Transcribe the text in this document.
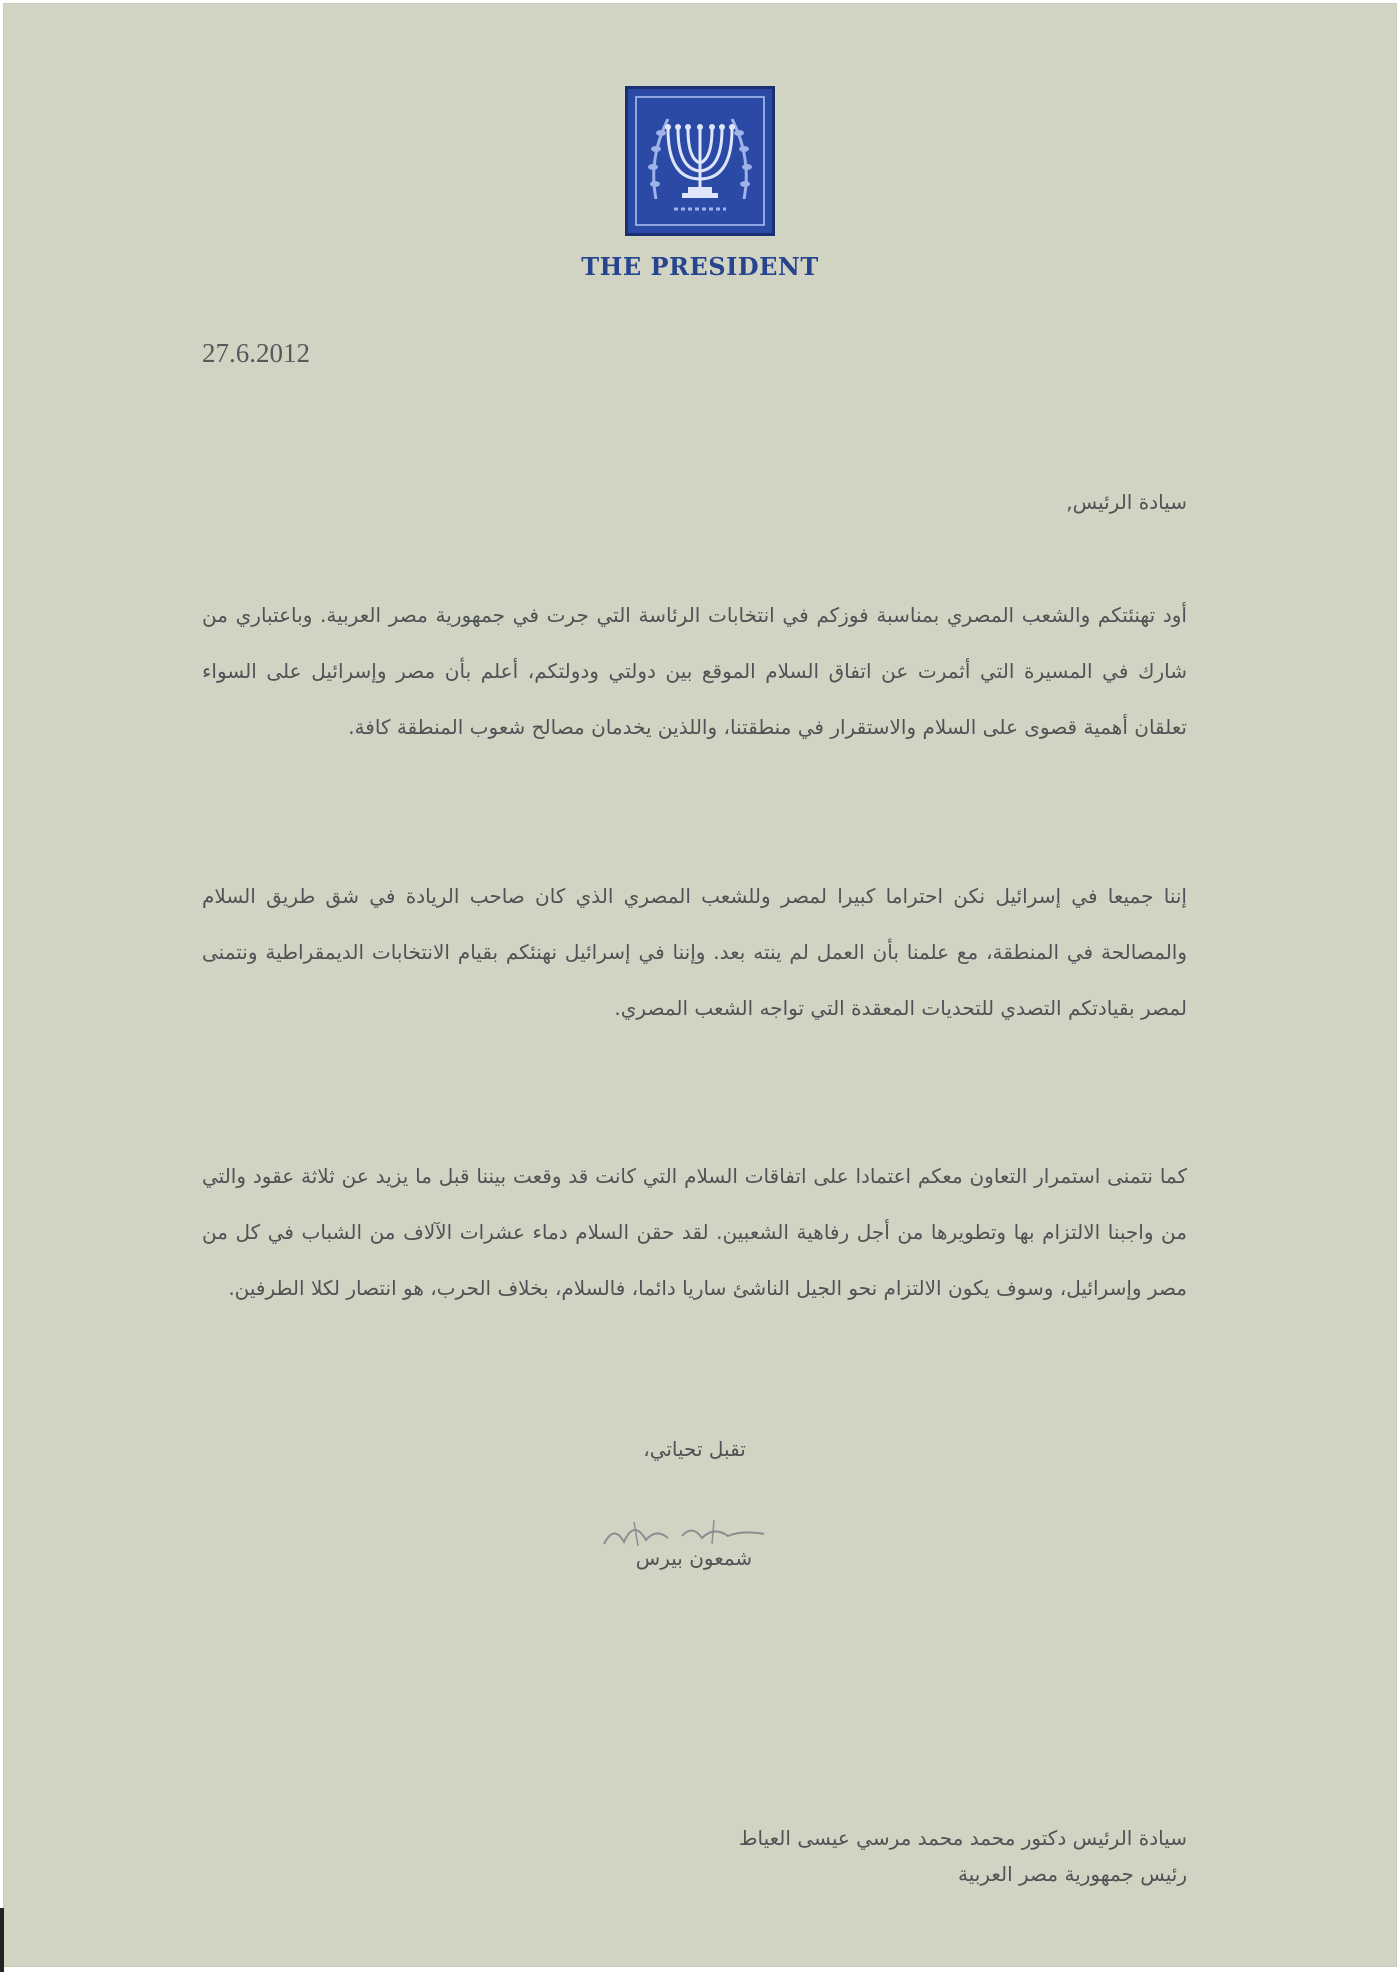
THE PRESIDENT
27.6.2012
سيادة الرئيس,

أود تهنئتكم والشعب المصري بمناسبة فوزكم في انتخابات الرئاسة التي جرت في جمهورية مصر العربية. وباعتباري من شارك في المسيرة التي أثمرت عن اتفاق السلام الموقع بين دولتي ودولتكم، أعلم بأن مصر وإسرائيل على السواء تعلقان أهمية قصوى على السلام والاستقرار في منطقتنا، واللذين يخدمان مصالح شعوب المنطقة كافة.

إننا جميعا في إسرائيل نكن احتراما كبيرا لمصر وللشعب المصري الذي كان صاحب الريادة في شق طريق السلام والمصالحة في المنطقة، مع علمنا بأن العمل لم ينته بعد. وإننا في إسرائيل نهنئكم بقيام الانتخابات الديمقراطية ونتمنى لمصر بقيادتكم التصدي للتحديات المعقدة التي تواجه الشعب المصري.

كما نتمنى استمرار التعاون معكم اعتمادا على اتفاقات السلام التي كانت قد وقعت بيننا قبل ما يزيد عن ثلاثة عقود والتي من واجبنا الالتزام بها وتطويرها من أجل رفاهية الشعبين. لقد حقن السلام دماء عشرات الآلاف من الشباب في كل من مصر وإسرائيل، وسوف يكون الالتزام نحو الجيل الناشئ ساريا دائما، فالسلام، بخلاف الحرب، هو انتصار لكلا الطرفين.

تقبل تحياتي،
شمعون بيرس
سيادة الرئيس دكتور محمد محمد مرسي عيسى العياط
رئيس جمهورية مصر العربية
